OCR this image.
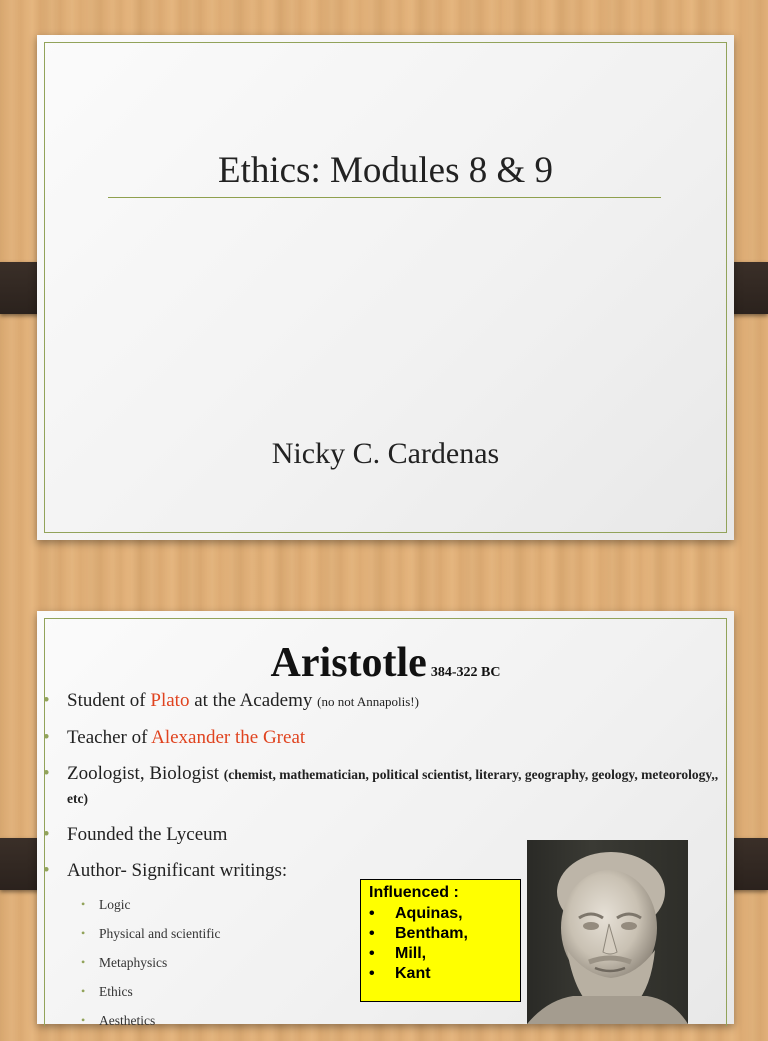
Ethics: Modules 8 & 9
Nicky C. Cardenas
Aristotle 384-322 BC
• Student of Plato at the Academy (no not Annapolis!)
• Teacher of Alexander the Great
• Zoologist, Biologist (chemist, mathematician, political scientist, literary, geography, geology, meteorology,, etc)
• Founded the Lyceum
• Author- Significant writings:
• Logic
• Physical and scientific
• Metaphysics
• Ethics
• Aesthetics
Influenced :
• Aquinas,
• Bentham,
• Mill,
• Kant
